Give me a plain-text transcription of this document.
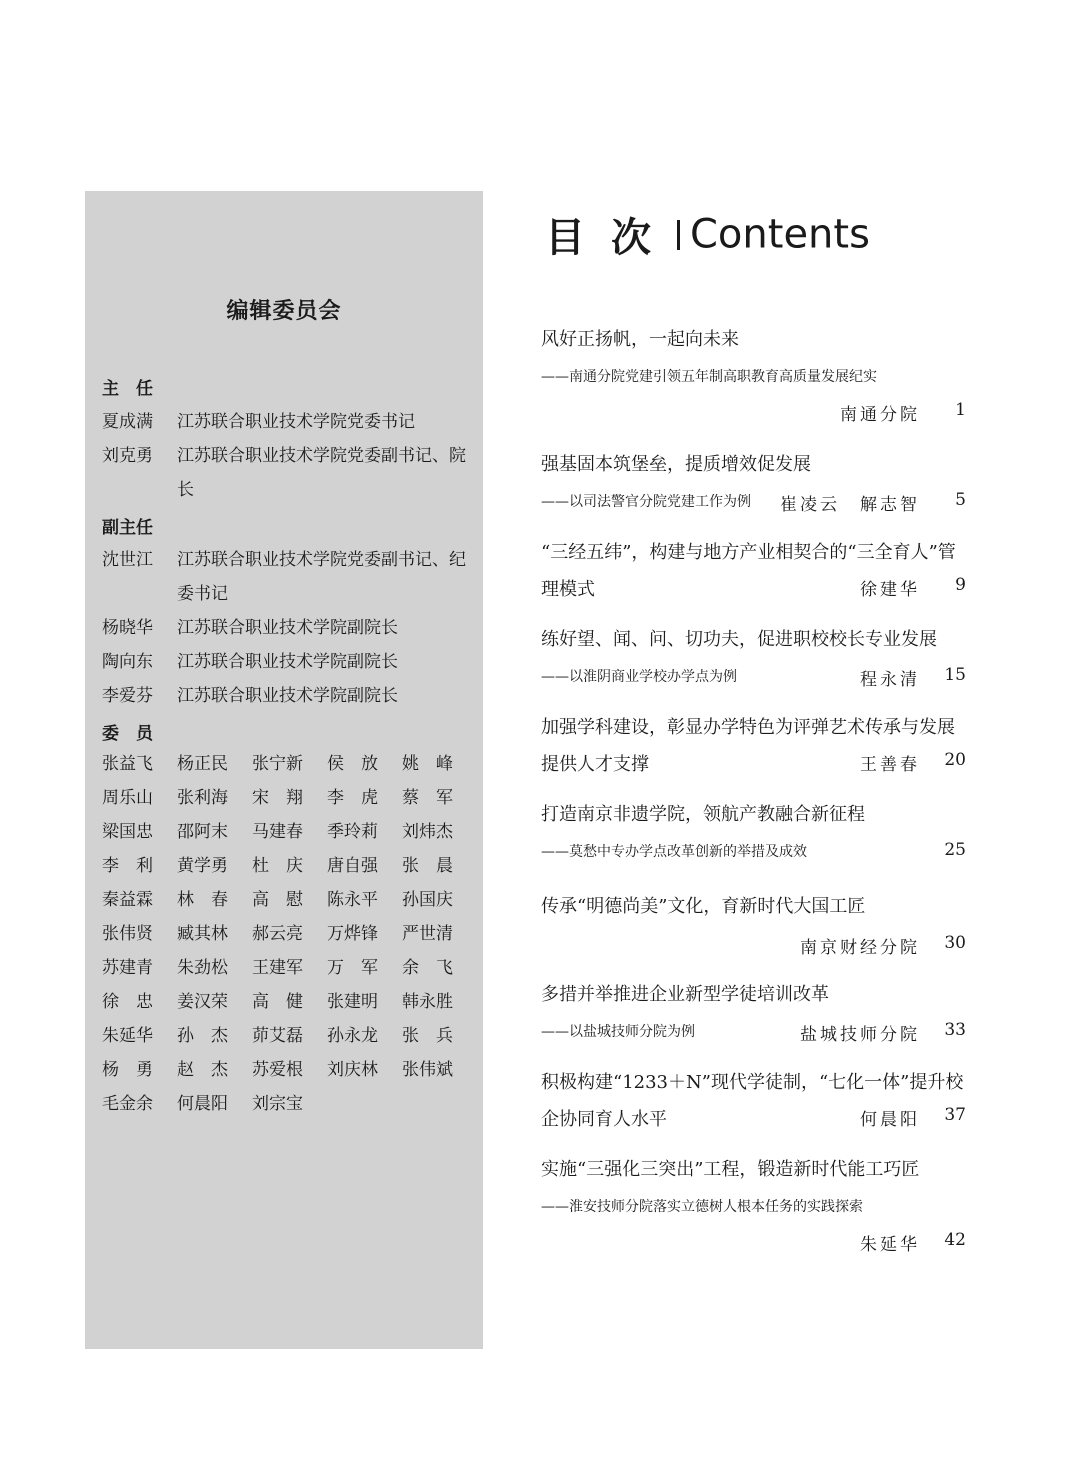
编辑委员会
主　任
夏成满 江苏联合职业技术学院党委书记
刘克勇 江苏联合职业技术学院党委副书记、院长
副主任
沈世江 江苏联合职业技术学院党委副书记、纪委书记
杨晓华 江苏联合职业技术学院副院长
陶向东 江苏联合职业技术学院副院长
李爱芬 江苏联合职业技术学院副院长
委　员
张益飞	杨正民	张宁新	侯　放	姚　峰
周乐山	张利海	宋　翔	李　虎	蔡　军
梁国忠	邵阿末	马建春	季玲莉	刘炜杰
李　利	黄学勇	杜　庆	唐自强	张　晨
秦益霖	林　春	高　慰	陈永平	孙国庆
张伟贤	臧其林	郝云亮	万烨锋	严世清
苏建青	朱劲松	王建军	万　军	余　飞
徐　忠	姜汉荣	高　健	张建明	韩永胜
朱延华	孙　杰	茆艾磊	孙永龙	张　兵
杨　勇	赵　杰	苏爱根	刘庆林	张伟斌
毛金余	何晨阳	刘宗宝
目次 Contents
风好正扬帆，一起向未来
——南通分院党建引领五年制高职教育高质量发展纪实
南通分院 1
强基固本筑堡垒，提质增效促发展
——以司法警官分院党建工作为例 崔凌云　解志智 5
“三经五纬”，构建与地方产业相契合的“三全育人”管
理模式	徐建华 9
练好望、闻、问、切功夫，促进职校校长专业发展
——以淮阴商业学校办学点为例	程永清 15
加强学科建设，彰显办学特色为评弹艺术传承与发展
提供人才支撑	王善春 20
打造南京非遗学院，领航产教融合新征程
——莫愁中专办学点改革创新的举措及成效	25
传承“明德尚美”文化，育新时代大国工匠
南京财经分院 30
多措并举推进企业新型学徒培训改革
——以盐城技师分院为例	盐城技师分院 33
积极构建“1233＋N”现代学徒制，“七化一体”提升校
企协同育人水平	何晨阳 37
实施“三强化三突出”工程，锻造新时代能工巧匠
——淮安技师分院落实立德树人根本任务的实践探索
朱延华 42
